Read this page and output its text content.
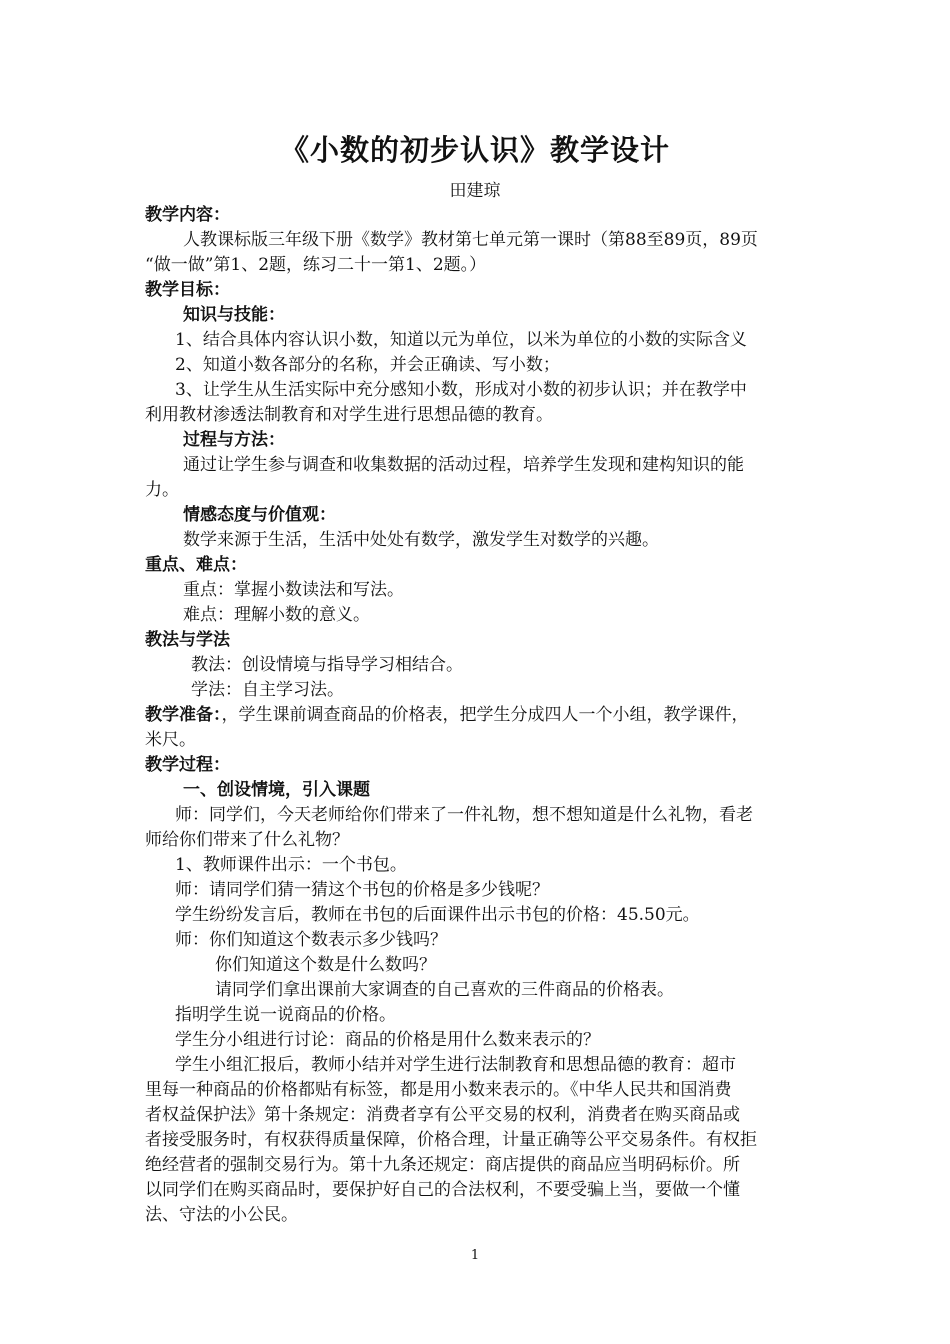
《小数的初步认识》教学设计
田建琼
教学内容：
人教课标版三年级下册《数学》教材第七单元第一课时（第88至89页，89页
“做一做”第1、2题，练习二十一第1、2题。）
教学目标：
知识与技能：
1、结合具体内容认识小数，知道以元为单位，以米为单位的小数的实际含义
2、知道小数各部分的名称，并会正确读、写小数；
3、让学生从生活实际中充分感知小数，形成对小数的初步认识；并在教学中
利用教材渗透法制教育和对学生进行思想品德的教育。
过程与方法：
通过让学生参与调查和收集数据的活动过程，培养学生发现和建构知识的能
力。
情感态度与价值观：
数学来源于生活，生活中处处有数学，激发学生对数学的兴趣。
重点、难点：
重点：掌握小数读法和写法。
难点：理解小数的意义。
教法与学法
教法：创设情境与指导学习相结合。
学法：自主学习法。
教学准备：，学生课前调查商品的价格表，把学生分成四人一个小组，教学课件，
米尺。
教学过程：
一、创设情境，引入课题
师：同学们，今天老师给你们带来了一件礼物，想不想知道是什么礼物，看老
师给你们带来了什么礼物？
1、教师课件出示：一个书包。
师：请同学们猜一猜这个书包的价格是多少钱呢？
学生纷纷发言后，教师在书包的后面课件出示书包的价格：45.50元。
师：你们知道这个数表示多少钱吗？
你们知道这个数是什么数吗？
请同学们拿出课前大家调查的自己喜欢的三件商品的价格表。
指明学生说一说商品的价格。
学生分小组进行讨论：商品的价格是用什么数来表示的？
学生小组汇报后，教师小结并对学生进行法制教育和思想品德的教育：超市
里每一种商品的价格都贴有标签，都是用小数来表示的。《中华人民共和国消费
者权益保护法》第十条规定：消费者享有公平交易的权利，消费者在购买商品或
者接受服务时，有权获得质量保障，价格合理，计量正确等公平交易条件。有权拒
绝经营者的强制交易行为。第十九条还规定：商店提供的商品应当明码标价。所
以同学们在购买商品时，要保护好自己的合法权利，不要受骗上当，要做一个懂
法、守法的小公民。
1
